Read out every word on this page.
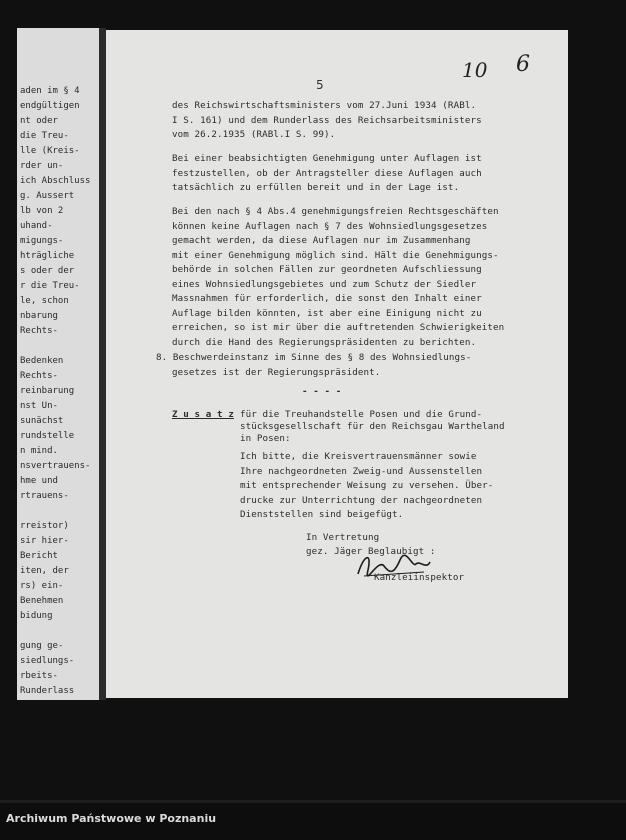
aden im § 4
endgültigen
nt oder
die Treu-
lle (Kreis-
rder un-
ich Abschluss
g. Aussert
lb von 2
uhand-
migungs-
hträgliche
s oder der
r die Treu-
le, schon
nbarung
Rechts-
Bedenken
Rechts-
reinbarung
nst Un-
sunächst
rundstelle
n mind.
nsvertrauens-
hme und
rtrauens-
rreistor)
sir hier-
Bericht
iten, der
rs) ein-
Benehmen
bidung
gung ge-
siedlungs-
rbeits-
Runderlass
5
10 6
des Reichswirtschaftsministers vom 27.Juni 1934 (RABl.
I S. 161) und dem Runderlass des Reichsarbeitsministers
vom 26.2.1935 (RABl.I S. 99).
Bei einer beabsichtigten Genehmigung unter Auflagen ist
festzustellen, ob der Antragsteller diese Auflagen auch
tatsächlich zu erfüllen bereit und in der Lage ist.
Bei den nach § 4 Abs.4 genehmigungsfreien Rechtsgeschäften
können keine Auflagen nach § 7 des Wohnsiedlungsgesetzes
gemacht werden, da diese Auflagen nur im Zusammenhang
mit einer Genehmigung möglich sind. Hält die Genehmigungs-
behörde in solchen Fällen zur geordneten Aufschliessung
eines Wohnsiedlungsgebietes und zum Schutz der Siedler
Massnahmen für erforderlich, die sonst den Inhalt einer
Auflage bilden könnten, ist aber eine Einigung nicht zu
erreichen, so ist mir über die auftretenden Schwierigkeiten
durch die Hand des Regierungspräsidenten zu berichten.
8. Beschwerdeinstanz im Sinne des § 8 des Wohnsiedlungs-
gesetzes ist der Regierungspräsident.
- - - -
Z u s a t z für die Treuhandstelle Posen und die Grund-
stücksgesellschaft für den Reichsgau Wartheland
in Posen:
Ich bitte, die Kreisvertrauensmänner sowie
Ihre nachgeordneten Zweig-und Aussenstellen
mit entsprechender Weisung zu versehen. Über-
drucke zur Unterrichtung der nachgeordneten
Dienststellen sind beigefügt.
In Vertretung
gez. Jäger Beglaubigt :
Kanzleiinspektor
Archiwum Państwowe w Poznaniu
